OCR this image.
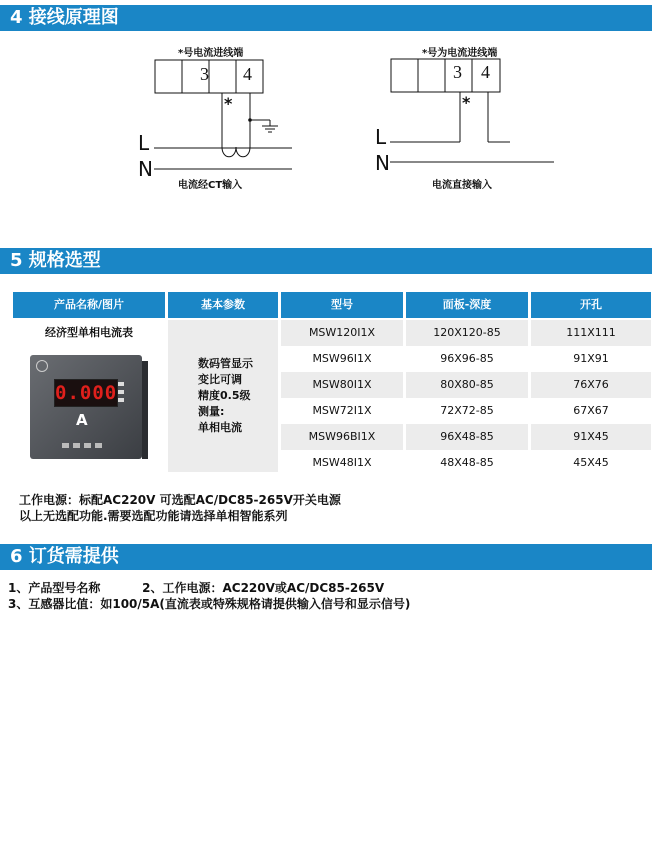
4 接线原理图
*号电流进线端
3 4
*
L
N
电流经CT输入
*号为电流进线端
3 4
*
L
N
电流直接输入
5 规格选型
产品名称/图片	基本参数	型号	面板-深度	开孔
经济型单相电流表
0.000
A
数码管显示
变比可调
精度0.5级
测量:
单相电流
MSW120I1X	120X120-85	111X111
MSW96I1X	96X96-85	91X91
MSW80I1X	80X80-85	76X76
MSW72I1X	72X72-85	67X67
MSW96BI1X	96X48-85	91X45
MSW48I1X	48X48-85	45X45
工作电源：标配AC220V 可选配AC/DC85-265V开关电源
以上无选配功能.需要选配功能请选择单相智能系列
6 订货需提供
1、产品型号名称          2、工作电源：AC220V或AC/DC85-265V
3、互感器比值：如100/5A(直流表或特殊规格请提供输入信号和显示信号)
